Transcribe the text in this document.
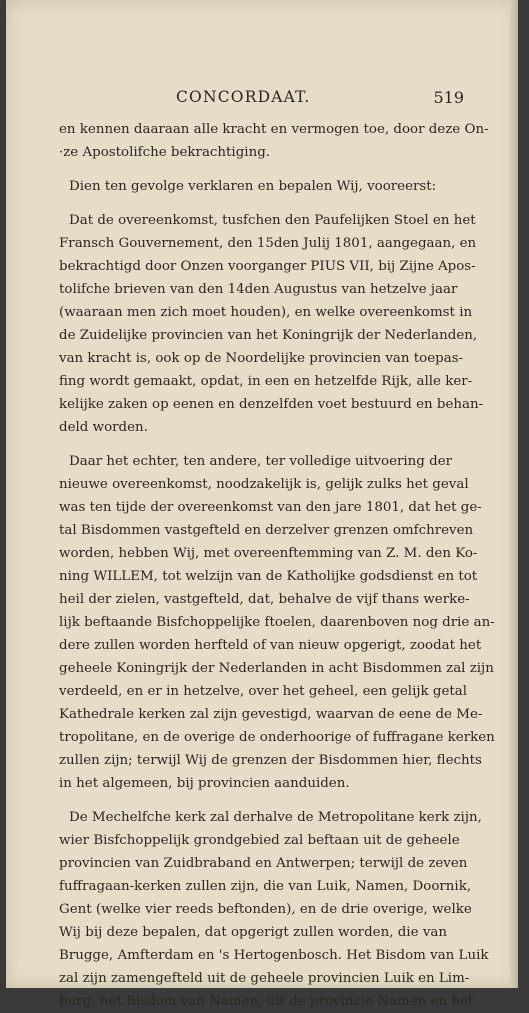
CONCORDAAT.	519

en kennen daaraan alle kracht en vermogen toe, door deze On-
·ze Apostolifche bekrachtiging.

Dien ten gevolge verklaren en bepalen Wij, vooreerst:

Dat de overeenkomst, tusfchen den Paufelijken Stoel en het
Fransch Gouvernement, den 15den Julij 1801, aangegaan, en
bekrachtigd door Onzen voorganger PIUS VII, bij Zijne Apos-
tolifche brieven van den 14den Augustus van hetzelve jaar
(waaraan men zich moet houden), en welke overeenkomst in
de Zuidelijke provincien van het Koningrijk der Nederlanden,
van kracht is, ook op de Noordelijke provincien van toepas-
fing wordt gemaakt, opdat, in een en hetzelfde Rijk, alle ker-
kelijke zaken op eenen en denzelfden voet bestuurd en behan-
deld worden.

Daar het echter, ten andere, ter volledige uitvoering der
nieuwe overeenkomst, noodzakelijk is, gelijk zulks het geval
was ten tijde der overeenkomst van den jare 1801, dat het ge-
tal Bisdommen vastgefteld en derzelver grenzen omfchreven
worden, hebben Wij, met overeenftemming van Z. M. den Ko-
ning WILLEM, tot welzijn van de Katholijke godsdienst en tot
heil der zielen, vastgefteld, dat, behalve de vijf thans werke-
lijk beftaande Bisfchoppelijke ftoelen, daarenboven nog drie an-
dere zullen worden herfteld of van nieuw opgerigt, zoodat het
geheele Koningrijk der Nederlanden in acht Bisdommen zal zijn
verdeeld, en er in hetzelve, over het geheel, een gelijk getal
Kathedrale kerken zal zijn gevestigd, waarvan de eene de Me-
tropolitane, en de overige de onderhoorige of fuffragane kerken
zullen zijn; terwijl Wij de grenzen der Bisdommen hier, flechts
in het algemeen, bij provincien aanduiden.

De Mechelfche kerk zal derhalve de Metropolitane kerk zijn,
wier Bisfchoppelijk grondgebied zal beftaan uit de geheele
provincien van Zuidbraband en Antwerpen; terwijl de zeven
fuffragaan-kerken zullen zijn, die van Luik, Namen, Doornik,
Gent (welke vier reeds beftonden), en de drie overige, welke
Wij bij deze bepalen, dat opgerigt zullen worden, die van
Brugge, Amfterdam en 's Hertogenbosch. Het Bisdom van Luik
zal zijn zamengefteld uit de geheele provincien Luik en Lim-
burg; het Bisdom van Namen, uit de provincie Namen en het
